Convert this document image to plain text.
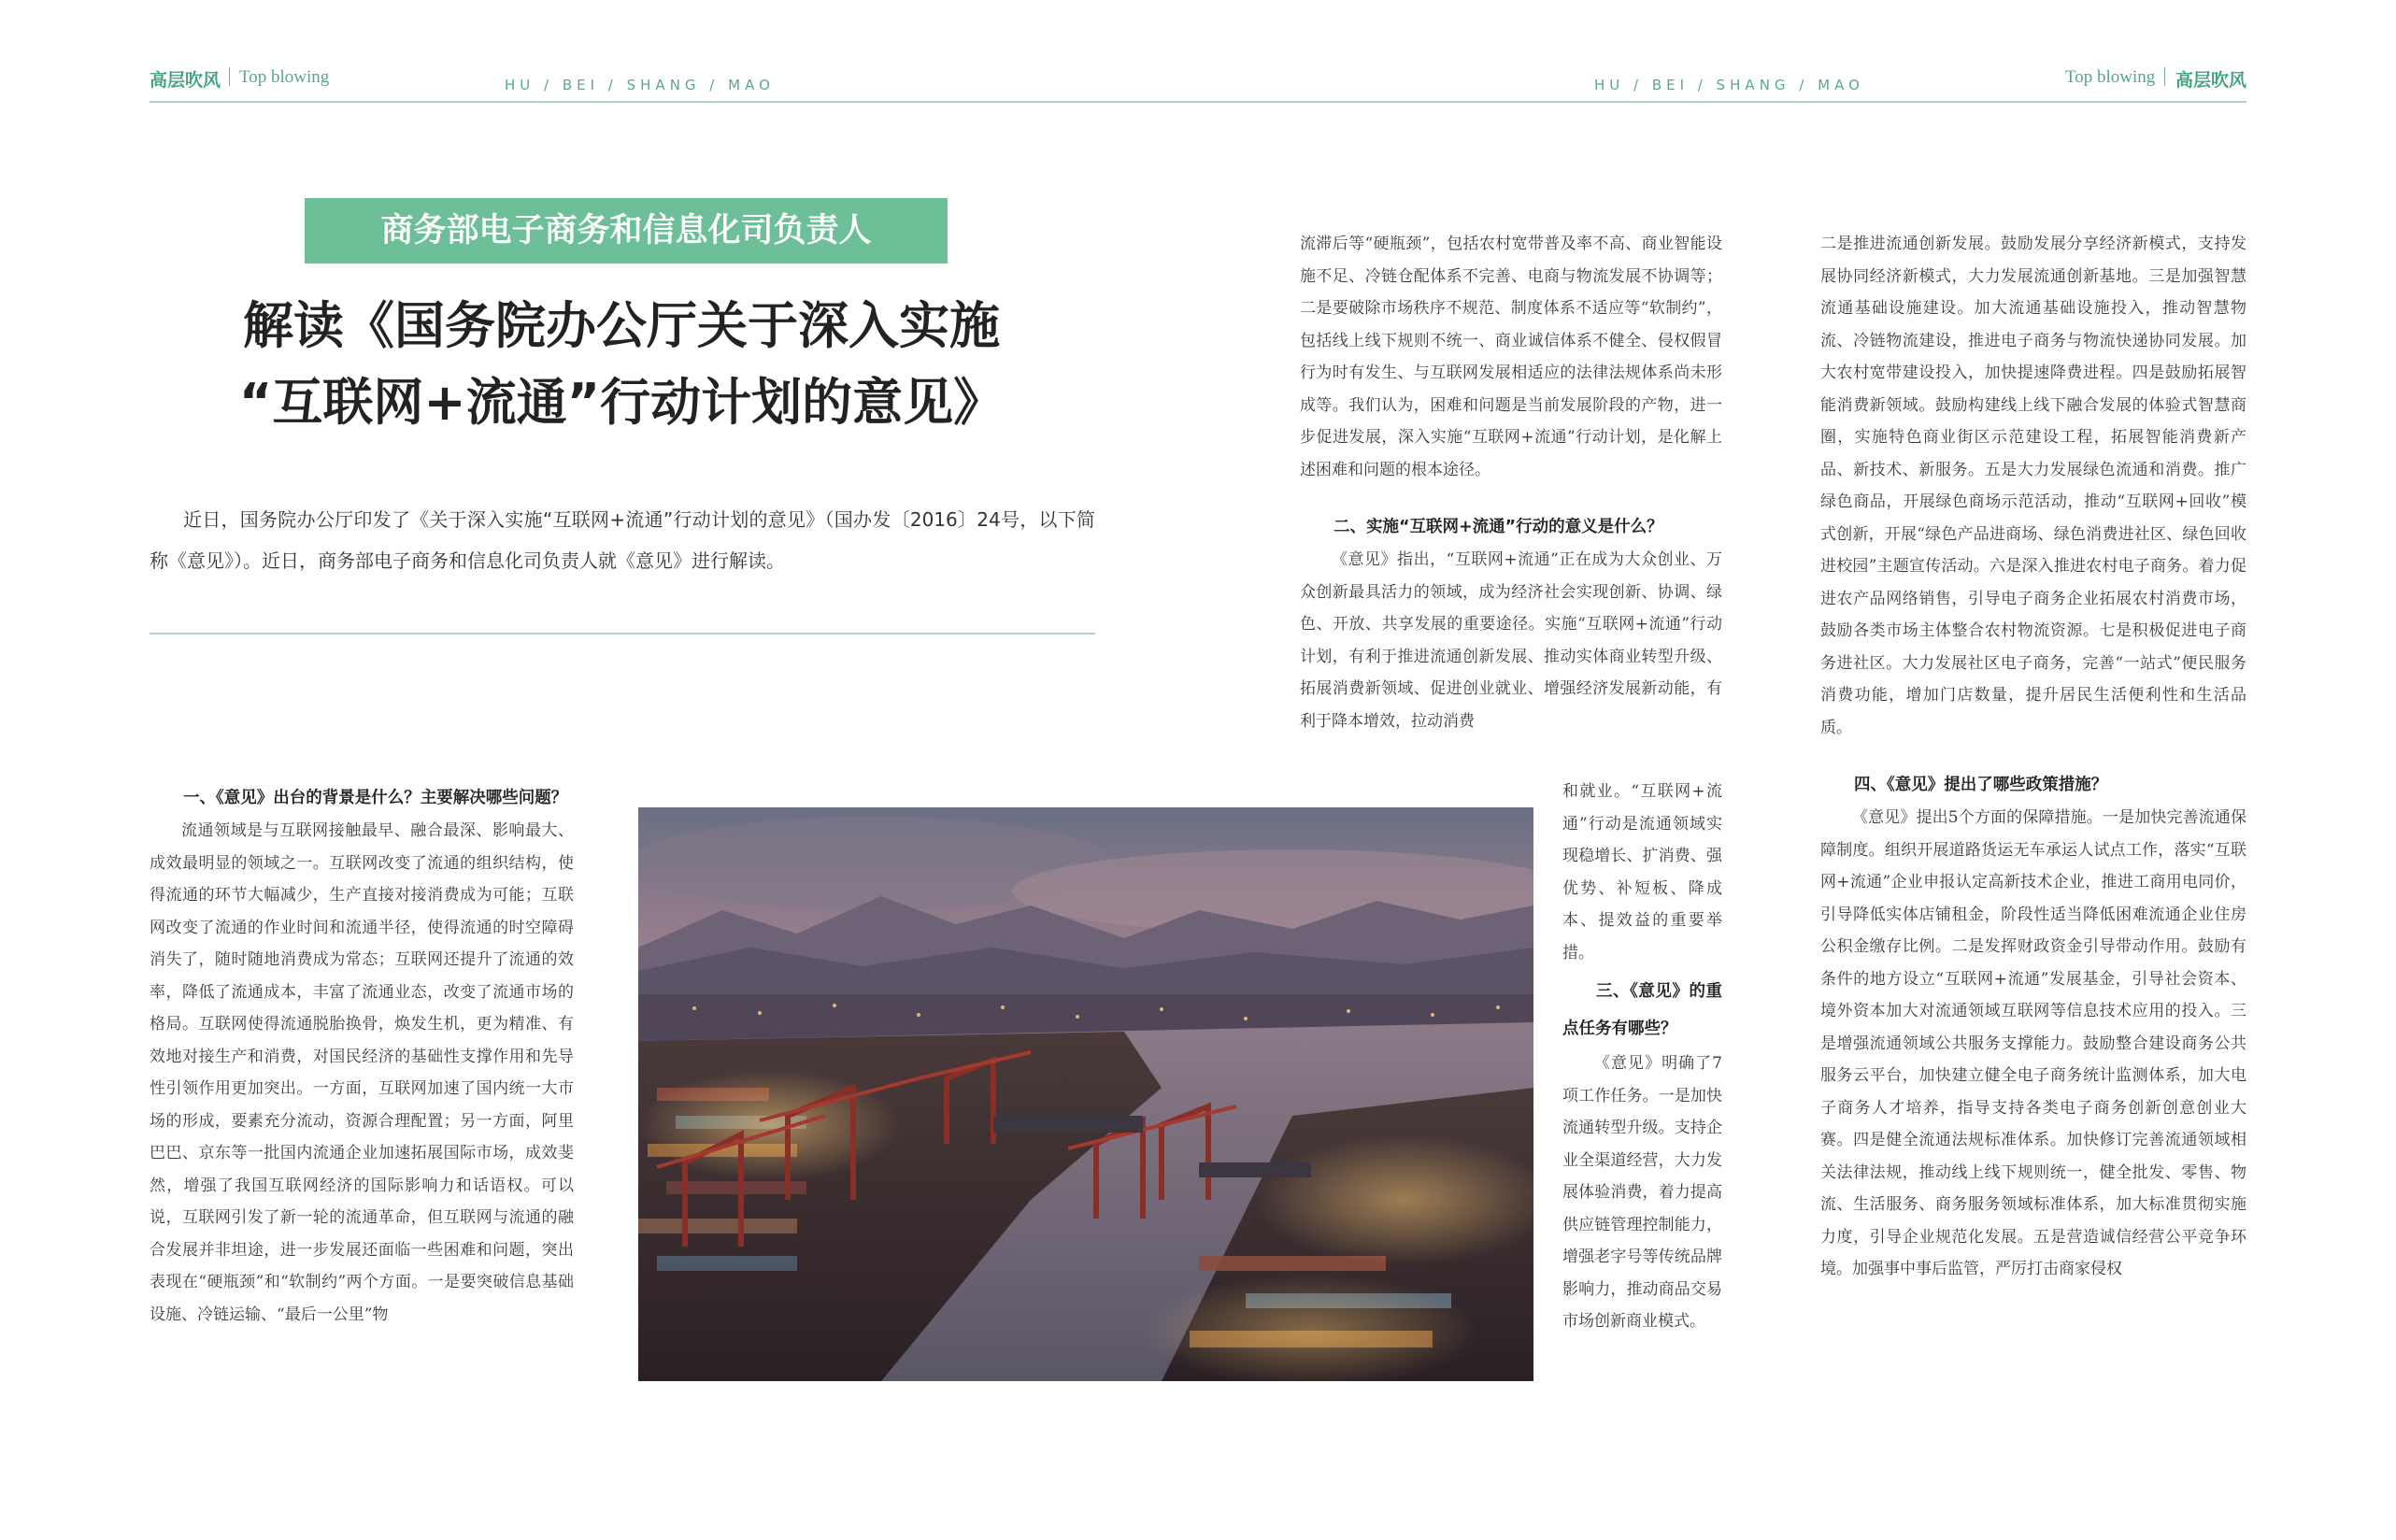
高层吹风 Top blowing	HU / BEI / SHANG / MAO	HU / BEI / SHANG / MAO	Top blowing 高层吹风
商务部电子商务和信息化司负责人
解读《国务院办公厅关于深入实施
“互联网+流通”行动计划的意见》
近日，国务院办公厅印发了《关于深入实施“互联网+流通”行动计划的意见》（国办发〔2016〕24号，以下简称《意见》）。近日，商务部电子商务和信息化司负责人就《意见》进行解读。
一、《意见》出台的背景是什么？主要解决哪些问题？

流通领域是与互联网接触最早、融合最深、影响最大、成效最明显的领域之一。互联网改变了流通的组织结构，使得流通的环节大幅减少，生产直接对接消费成为可能；互联网改变了流通的作业时间和流通半径，使得流通的时空障碍消失了，随时随地消费成为常态；互联网还提升了流通的效率，降低了流通成本，丰富了流通业态，改变了流通市场的格局。互联网使得流通脱胎换骨，焕发生机，更为精准、有效地对接生产和消费，对国民经济的基础性支撑作用和先导性引领作用更加突出。一方面，互联网加速了国内统一大市场的形成，要素充分流动，资源合理配置；另一方面，阿里巴巴、京东等一批国内流通企业加速拓展国际市场，成效斐然，增强了我国互联网经济的国际影响力和话语权。可以说，互联网引发了新一轮的流通革命，但互联网与流通的融合发展并非坦途，进一步发展还面临一些困难和问题，突出表现在“硬瓶颈”和“软制约”两个方面。一是要突破信息基础设施、冷链运输、“最后一公里”物

流滞后等“硬瓶颈”，包括农村宽带普及率不高、商业智能设施不足、冷链仓配体系不完善、电商与物流发展不协调等；二是要破除市场秩序不规范、制度体系不适应等“软制约”，包括线上线下规则不统一、商业诚信体系不健全、侵权假冒行为时有发生、与互联网发展相适应的法律法规体系尚未形成等。我们认为，困难和问题是当前发展阶段的产物，进一步促进发展，深入实施“互联网+流通”行动计划，是化解上述困难和问题的根本途径。

二、实施“互联网+流通”行动的意义是什么？

《意见》指出，“互联网+流通”正在成为大众创业、万众创新最具活力的领域，成为经济社会实现创新、协调、绿色、开放、共享发展的重要途径。实施“互联网+流通”行动计划，有利于推进流通创新发展、推动实体商业转型升级、拓展消费新领域、促进创业就业、增强经济发展新动能，有利于降本增效，拉动消费

和就业。“互联网+流通”行动是流通领域实现稳增长、扩消费、强优势、补短板、降成本、提效益的重要举措。

三、《意见》的重点任务有哪些？

《意见》明确了7项工作任务。一是加快流通转型升级。支持企业全渠道经营，大力发展体验消费，着力提高供应链管理控制能力，增强老字号等传统品牌影响力，推动商品交易市场创新商业模式。

二是推进流通创新发展。鼓励发展分享经济新模式，支持发展协同经济新模式，大力发展流通创新基地。三是加强智慧流通基础设施建设。加大流通基础设施投入，推动智慧物流、冷链物流建设，推进电子商务与物流快递协同发展。加大农村宽带建设投入，加快提速降费进程。四是鼓励拓展智能消费新领域。鼓励构建线上线下融合发展的体验式智慧商圈，实施特色商业街区示范建设工程，拓展智能消费新产品、新技术、新服务。五是大力发展绿色流通和消费。推广绿色商品，开展绿色商场示范活动，推动“互联网+回收”模式创新，开展“绿色产品进商场、绿色消费进社区、绿色回收进校园”主题宣传活动。六是深入推进农村电子商务。着力促进农产品网络销售，引导电子商务企业拓展农村消费市场，鼓励各类市场主体整合农村物流资源。七是积极促进电子商务进社区。大力发展社区电子商务，完善“一站式”便民服务消费功能，增加门店数量，提升居民生活便利性和生活品质。

四、《意见》提出了哪些政策措施？

《意见》提出5个方面的保障措施。一是加快完善流通保障制度。组织开展道路货运无车承运人试点工作，落实“互联网+流通”企业申报认定高新技术企业，推进工商用电同价，引导降低实体店铺租金，阶段性适当降低困难流通企业住房公积金缴存比例。二是发挥财政资金引导带动作用。鼓励有条件的地方设立“互联网+流通”发展基金，引导社会资本、境外资本加大对流通领域互联网等信息技术应用的投入。三是增强流通领域公共服务支撑能力。鼓励整合建设商务公共服务云平台，加快建立健全电子商务统计监测体系，加大电子商务人才培养，指导支持各类电子商务创新创意创业大赛。四是健全流通法规标准体系。加快修订完善流通领域相关法律法规，推动线上线下规则统一，健全批发、零售、物流、生活服务、商务服务领域标准体系，加大标准贯彻实施力度，引导企业规范化发展。五是营造诚信经营公平竞争环境。加强事中事后监管，严厉打击商家侵权
